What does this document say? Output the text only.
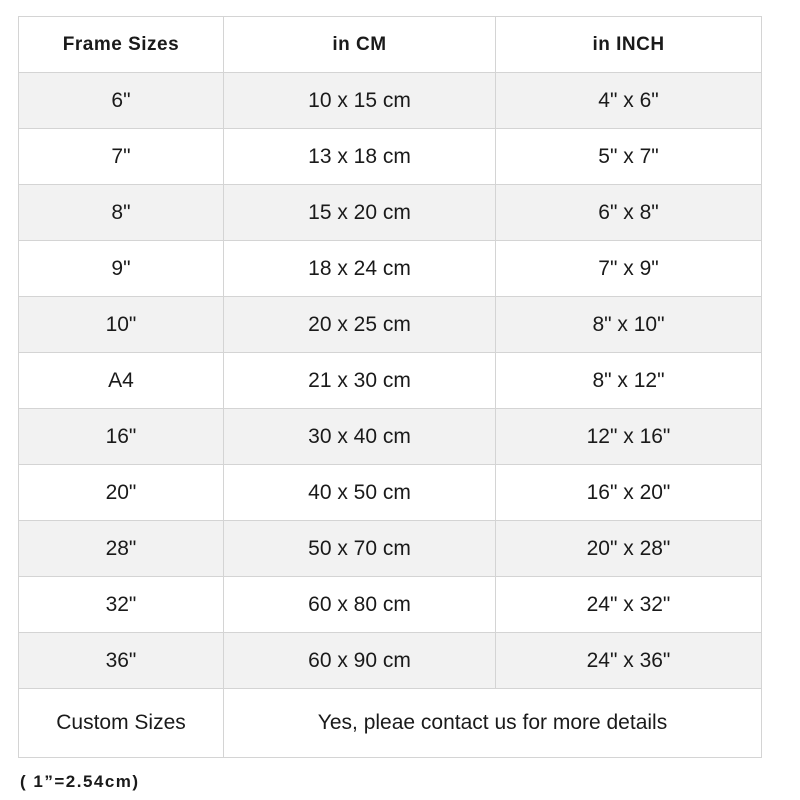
Frame Sizes	in CM	in INCH
6"	10 x 15 cm	4" x 6"
7"	13 x 18 cm	5" x 7"
8"	15 x 20 cm	6" x 8"
9"	18 x 24 cm	7" x 9"
10"	20 x 25 cm	8" x 10"
A4	21 x 30 cm	8" x 12"
16"	30 x 40 cm	12" x 16"
20"	40 x 50 cm	16" x 20"
28"	50 x 70 cm	20" x 28"
32"	60 x 80 cm	24" x 32"
36"	60 x 90 cm	24" x 36"
Custom Sizes	Yes, pleae contact us for more details	
( 1”=2.54cm)
